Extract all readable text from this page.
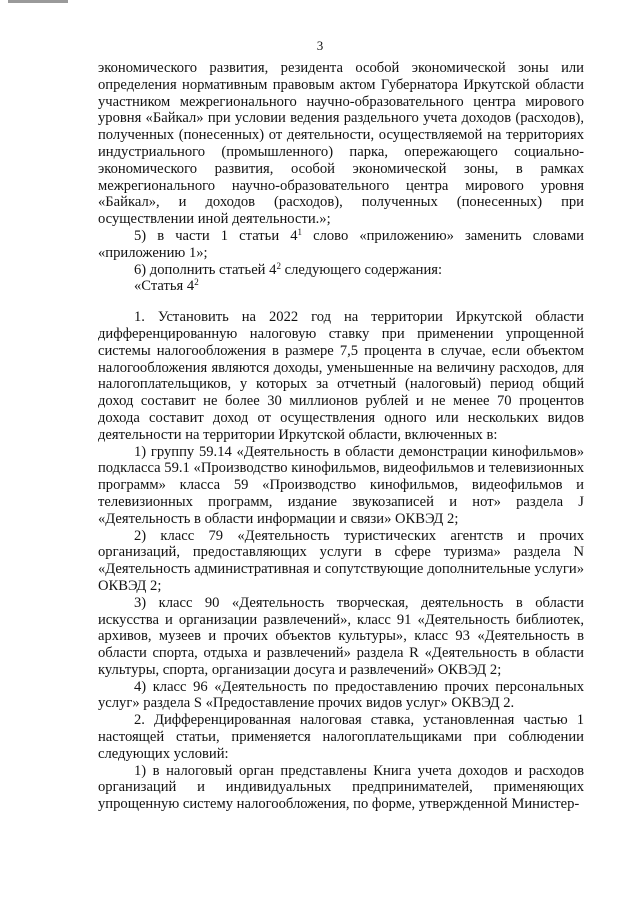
3

экономического развития, резидента особой экономической зоны или определения нормативным правовым актом Губернатора Иркутской области участником межрегионального научно-образовательного центра мирового уровня «Байкал» при условии ведения раздельного учета доходов (расходов), полученных (понесенных) от деятельности, осуществляемой на территориях индустриального (промышленного) парка, опережающего социально-экономического развития, особой экономической зоны, в рамках межрегионального научно-образовательного центра мирового уровня «Байкал», и доходов (расходов), полученных (понесенных) при осуществлении иной деятельности.»;

5) в части 1 статьи $4^1$ слово «приложению» заменить словами «приложению 1»;

6) дополнить статьей $4^2$ следующего содержания:

«Статья $4^2$

1. Установить на 2022 год на территории Иркутской области дифференцированную налоговую ставку при применении упрощенной системы налогообложения в размере 7,5 процента в случае, если объектом налогообложения являются доходы, уменьшенные на величину расходов, для налогоплательщиков, у которых за отчетный (налоговый) период общий доход составит не более 30 миллионов рублей и не менее 70 процентов дохода составит доход от осуществления одного или нескольких видов деятельности на территории Иркутской области, включенных в:

1) группу 59.14 «Деятельность в области демонстрации кинофильмов» подкласса 59.1 «Производство кинофильмов, видеофильмов и телевизионных программ» класса 59 «Производство кинофильмов, видеофильмов и телевизионных программ, издание звукозаписей и нот» раздела J «Деятельность в области информации и связи» ОКВЭД 2;

2) класс 79 «Деятельность туристических агентств и прочих организаций, предоставляющих услуги в сфере туризма» раздела N «Деятельность административная и сопутствующие дополнительные услуги» ОКВЭД 2;

3) класс 90 «Деятельность творческая, деятельность в области искусства и организации развлечений», класс 91 «Деятельность библиотек, архивов, музеев и прочих объектов культуры», класс 93 «Деятельность в области спорта, отдыха и развлечений» раздела R «Деятельность в области культуры, спорта, организации досуга и развлечений» ОКВЭД 2;

4) класс 96 «Деятельность по предоставлению прочих персональных услуг» раздела S «Предоставление прочих видов услуг» ОКВЭД 2.

2. Дифференцированная налоговая ставка, установленная частью 1 настоящей статьи, применяется налогоплательщиками при соблюдении следующих условий:

1) в налоговый орган представлены Книга учета доходов и расходов организаций и индивидуальных предпринимателей, применяющих упрощенную систему налогообложения, по форме, утвержденной Министер-
